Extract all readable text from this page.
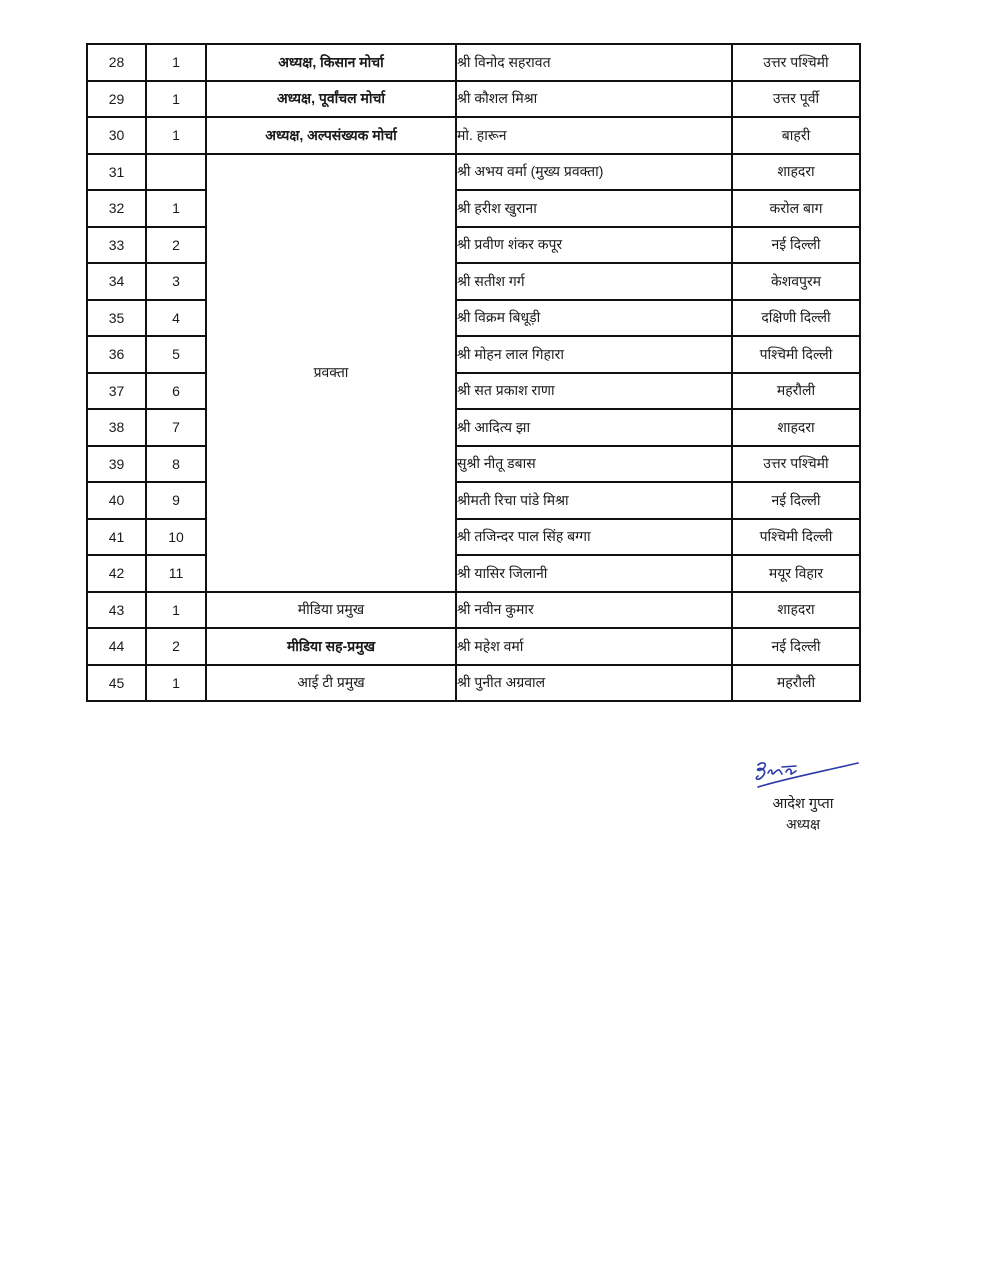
28	1	अध्यक्ष, किसान मोर्चा	श्री विनोद सहरावत	उत्तर पश्चिमी
29	1	अध्यक्ष, पूर्वांचल मोर्चा	श्री कौशल मिश्रा	उत्तर पूर्वी
30	1	अध्यक्ष, अल्पसंख्यक मोर्चा	मो. हारून	बाहरी
31		प्रवक्ता	श्री अभय वर्मा (मुख्य प्रवक्ता)	शाहदरा
32	1		श्री हरीश खुराना	करोल बाग
33	2		श्री प्रवीण शंकर कपूर	नई दिल्ली
34	3		श्री सतीश गर्ग	केशवपुरम
35	4		श्री विक्रम बिधूड़ी	दक्षिणी दिल्ली
36	5		श्री मोहन लाल गिहारा	पश्चिमी दिल्ली
37	6		श्री सत प्रकाश राणा	महरौली
38	7		श्री आदित्य झा	शाहदरा
39	8		सुश्री नीतू डबास	उत्तर पश्चिमी
40	9		श्रीमती रिचा पांडे मिश्रा	नई दिल्ली
41	10		श्री तजिन्दर पाल सिंह बग्गा	पश्चिमी दिल्ली
42	11		श्री यासिर जिलानी	मयूर विहार
43	1	मीडिया प्रमुख	श्री नवीन कुमार	शाहदरा
44	2	मीडिया सह-प्रमुख	श्री महेश वर्मा	नई दिल्ली
45	1	आई टी प्रमुख	श्री पुनीत अग्रवाल	महरौली
आदेश गुप्ता
अध्यक्ष
